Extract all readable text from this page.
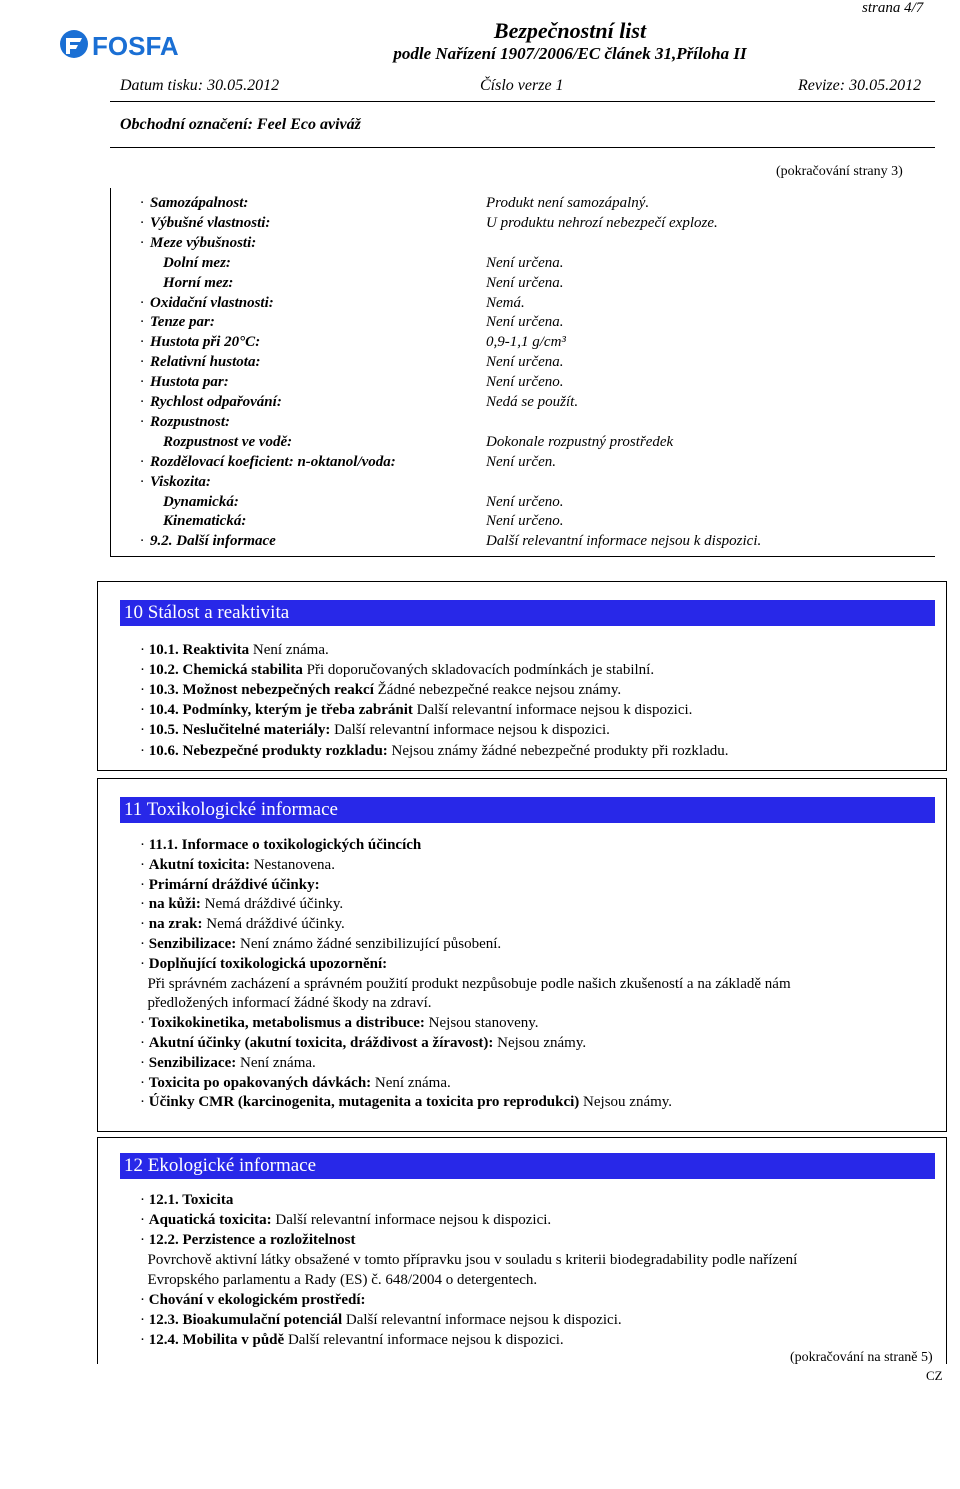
strana 4/7
FOSFA
Bezpečnostní list
podle Nařízení 1907/2006/EC článek 31,Příloha II
Datum tisku: 30.05.2012	Číslo verze 1	Revize: 30.05.2012
Obchodní označení: Feel Eco aviváž
(pokračování strany 3)
· Samozápalnost:	Produkt není samozápalný.
· Výbušné vlastnosti:	U produktu nehrozí nebezpečí exploze.
· Meze výbušnosti:
Dolní mez:	Není určena.
Horní mez:	Není určena.
· Oxidační vlastnosti:	Nemá.
· Tenze par:	Není určena.
· Hustota při 20°C:	0,9-1,1 g/cm³
· Relativní hustota:	Není určena.
· Hustota par:	Není určeno.
· Rychlost odpařování:	Nedá se použít.
· Rozpustnost:
Rozpustnost ve vodě:	Dokonale rozpustný prostředek
· Rozdělovací koeficient: n-oktanol/voda:	Není určen.
· Viskozita:
Dynamická:	Není určeno.
Kinematická:	Není určeno.
· 9.2. Další informace	Další relevantní informace nejsou k dispozici.
10 Stálost a reaktivita
· 10.1. Reaktivita Není známa.
· 10.2. Chemická stabilita Při doporučovaných skladovacích podmínkách je stabilní.
· 10.3. Možnost nebezpečných reakcí Žádné nebezpečné reakce nejsou známy.
· 10.4. Podmínky, kterým je třeba zabránit Další relevantní informace nejsou k dispozici.
· 10.5. Neslučitelné materiály: Další relevantní informace nejsou k dispozici.
· 10.6. Nebezpečné produkty rozkladu: Nejsou známy žádné nebezpečné produkty při rozkladu.
11 Toxikologické informace
· 11.1. Informace o toxikologických účincích
· Akutní toxicita: Nestanovena.
· Primární dráždivé účinky:
· na kůži: Nemá dráždivé účinky.
· na zrak: Nemá dráždivé účinky.
· Senzibilizace: Není známo žádné senzibilizující působení.
· Doplňující toxikologická upozornění:
Při správném zacházení a správném použití produkt nezpůsobuje podle našich zkušeností a na základě nám
předložených informací žádné škody na zdraví.
· Toxikokinetika, metabolismus a distribuce: Nejsou stanoveny.
· Akutní účinky (akutní toxicita, dráždivost a žíravost): Nejsou známy.
· Senzibilizace: Není známa.
· Toxicita po opakovaných dávkách: Není známa.
· Účinky CMR (karcinogenita, mutagenita a toxicita pro reprodukci) Nejsou známy.
12 Ekologické informace
· 12.1. Toxicita
· Aquatická toxicita: Další relevantní informace nejsou k dispozici.
· 12.2. Perzistence a rozložitelnost
Povrchově aktivní látky obsažené v tomto přípravku jsou v souladu s kriterii biodegradability podle nařízení
Evropského parlamentu a Rady (ES) č. 648/2004 o detergentech.
· Chování v ekologickém prostředí:
· 12.3. Bioakumulační potenciál Další relevantní informace nejsou k dispozici.
· 12.4. Mobilita v půdě Další relevantní informace nejsou k dispozici.
(pokračování na straně 5)
CZ
